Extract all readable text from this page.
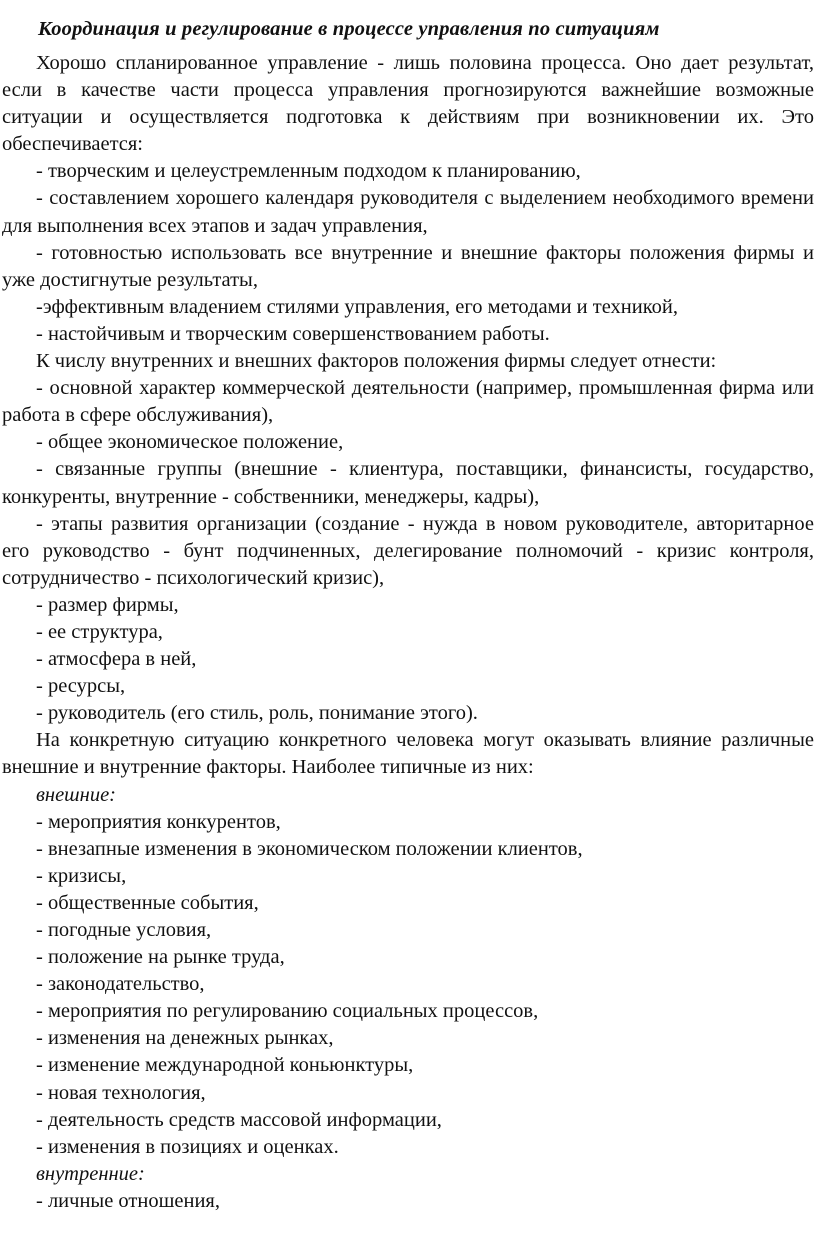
Координация и регулирование в процессе управления по ситуациям

Хорошо спланированное управление - лишь половина процесса. Оно дает результат, если в качестве части процесса управления прогнозируются важнейшие возможные ситуации и осуществляется подготовка к действиям при возникновении их. Это обеспечивается:

- творческим и целеустремленным подходом к планированию,

- составлением хорошего календаря руководителя с выделением необходимого времени для выполнения всех этапов и задач управления,

- готовностью использовать все внутренние и внешние факторы положения фирмы и уже достигнутые результаты,

-эффективным владением стилями управления, его методами и техникой,

- настойчивым и творческим совершенствованием работы.

К числу внутренних и внешних факторов положения фирмы следует отнести:

- основной характер коммерческой деятельности (например, промышленная фирма или работа в сфере обслуживания),

- общее экономическое положение,

- связанные группы (внешние - клиентура, поставщики, финансисты, государство, конкуренты, внутренние - собственники, менеджеры, кадры),

- этапы развития организации (создание - нужда в новом руководителе, авторитарное его руководство - бунт подчиненных, делегирование полномочий - кризис контроля, сотрудничество - психологический кризис),

- размер фирмы,

- ее структура,

- атмосфера в ней,

- ресурсы,

- руководитель (его стиль, роль, понимание этого).

На конкретную ситуацию конкретного человека могут оказывать влияние различные внешние и внутренние факторы. Наиболее типичные из них:

внешние:

- мероприятия конкурентов,

- внезапные изменения в экономическом положении клиентов,

- кризисы,

- общественные события,

- погодные условия,

- положение на рынке труда,

- законодательство,

- мероприятия по регулированию социальных процессов,

- изменения на денежных рынках,

- изменение международной коньюнктуры,

- новая технология,

- деятельность средств массовой информации,

- изменения в позициях и оценках.

внутренние:

- личные отношения,
